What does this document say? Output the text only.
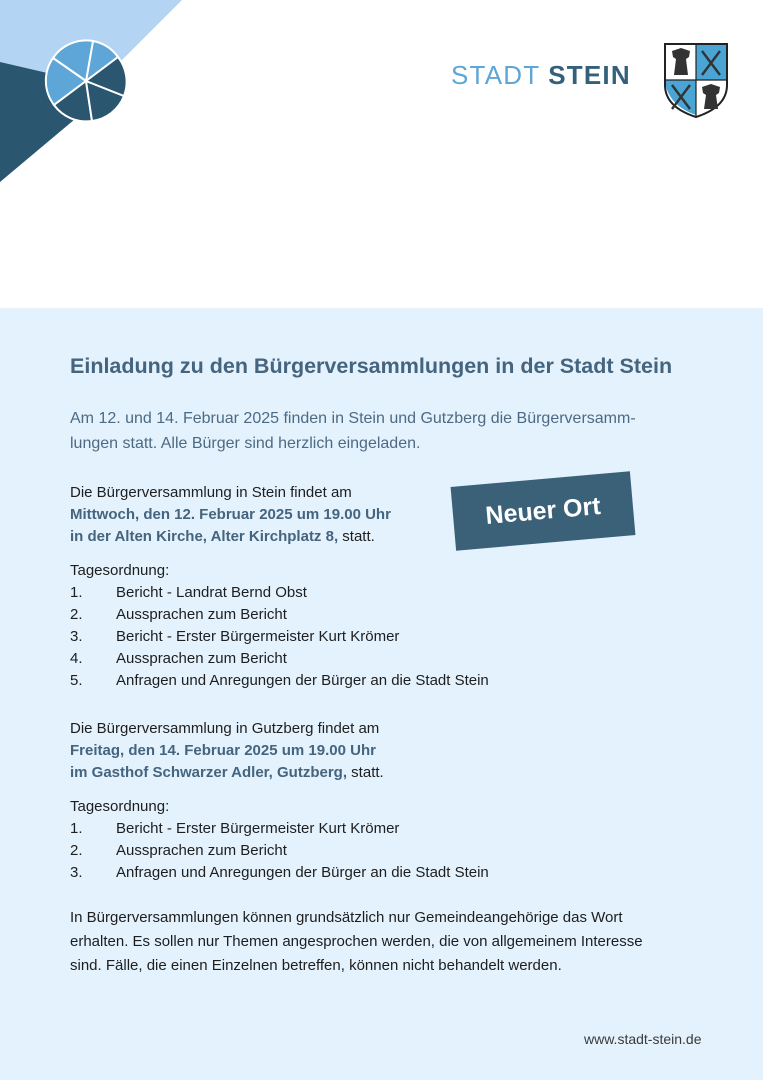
STADT STEIN
Einladung zu den Bürgerversammlungen in der Stadt Stein
Am 12. und 14. Februar 2025 finden in Stein und Gutzberg die Bürgerversamm-
lungen statt. Alle Bürger sind herzlich eingeladen.
Die Bürgerversammlung in Stein findet am
Mittwoch, den 12. Februar 2025 um 19.00 Uhr
in der Alten Kirche, Alter Kirchplatz 8, statt.
Neuer Ort
Tagesordnung:
1. Bericht - Landrat Bernd Obst
2. Aussprachen zum Bericht
3. Bericht - Erster Bürgermeister Kurt Krömer
4. Aussprachen zum Bericht
5. Anfragen und Anregungen der Bürger an die Stadt Stein
Die Bürgerversammlung in Gutzberg findet am
Freitag, den 14. Februar 2025 um 19.00 Uhr
im Gasthof Schwarzer Adler, Gutzberg, statt.
Tagesordnung:
1. Bericht - Erster Bürgermeister Kurt Krömer
2. Aussprachen zum Bericht
3. Anfragen und Anregungen der Bürger an die Stadt Stein
In Bürgerversammlungen können grundsätzlich nur Gemeindeangehörige das Wort
erhalten. Es sollen nur Themen angesprochen werden, die von allgemeinem Interesse
sind. Fälle, die einen Einzelnen betreffen, können nicht behandelt werden.
www.stadt-stein.de
